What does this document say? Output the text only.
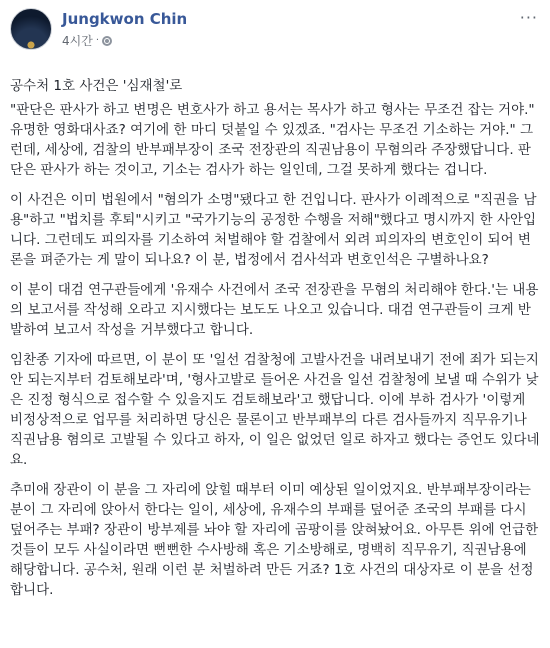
Jungkwon Chin
4시간 ·
···

공수처 1호 사건은 '심재철'로

"판단은 판사가 하고 변명은 변호사가 하고 용서는 목사가 하고 형사는 무조건 잡는 거야." 유명한 영화대사죠? 여기에 한 마디 덧붙일 수 있겠죠. "검사는 무조건 기소하는 거야." 그런데, 세상에, 검찰의 반부패부장이 조국 전장관의 직권남용이 무혐의라 주장했답니다. 판단은 판사가 하는 것이고, 기소는 검사가 하는 일인데, 그걸 못하게 했다는 겁니다.

이 사건은 이미 법원에서 "혐의가 소명"됐다고 한 건입니다. 판사가 이례적으로 "직권을 남용"하고 "법치를 후퇴"시키고 "국가기능의 공정한 수행을 저해"했다고 명시까지 한 사안입니다. 그런데도 피의자를 기소하여 처벌해야 할 검찰에서 외려 피의자의 변호인이 되어 변론을 펴준가는 게 말이 되나요? 이 분, 법정에서 검사석과 변호인석은 구별하나요?

이 분이 대검 연구관들에게 '유재수 사건에서 조국 전장관을 무혐의 처리해야 한다.'는 내용의 보고서를 작성해 오라고 지시했다는 보도도 나오고 있습니다. 대검 연구관들이 크게 반발하여 보고서 작성을 거부했다고 합니다.

임찬종 기자에 따르면, 이 분이 또 '일선 검찰청에 고발사건을 내려보내기 전에 죄가 되는지 안 되는지부터 검토해보라'며, '형사고발로 들어온 사건을 일선 검찰청에 보낼 때 수위가 낮은 진정 형식으로 접수할 수 있을지도 검토해보라'고 했답니다. 이에 부하 검사가 '이렇게 비정상적으로 업무를 처리하면 당신은 물론이고 반부패부의 다른 검사들까지 직무유기나 직권남용 혐의로 고발될 수 있다고 하자, 이 일은 없었던 일로 하자고 했다는 증언도 있다네요.

추미애 장관이 이 분을 그 자리에 앉힐 때부터 이미 예상된 일이었지요. 반부패부장이라는 분이 그 자리에 앉아서 한다는 일이, 세상에, 유재수의 부패를 덮어준 조국의 부패를 다시 덮어주는 부패? 장관이 방부제를 놔야 할 자리에 곰팡이를 앉혀놨어요. 아무튼 위에 언급한 것들이 모두 사실이라면 뻔뻔한 수사방해 혹은 기소방해로, 명백히 직무유기, 직권남용에 해당합니다. 공수처, 원래 이런 분 처벌하려 만든 거죠? 1호 사건의 대상자로 이 분을 선정합니다.
